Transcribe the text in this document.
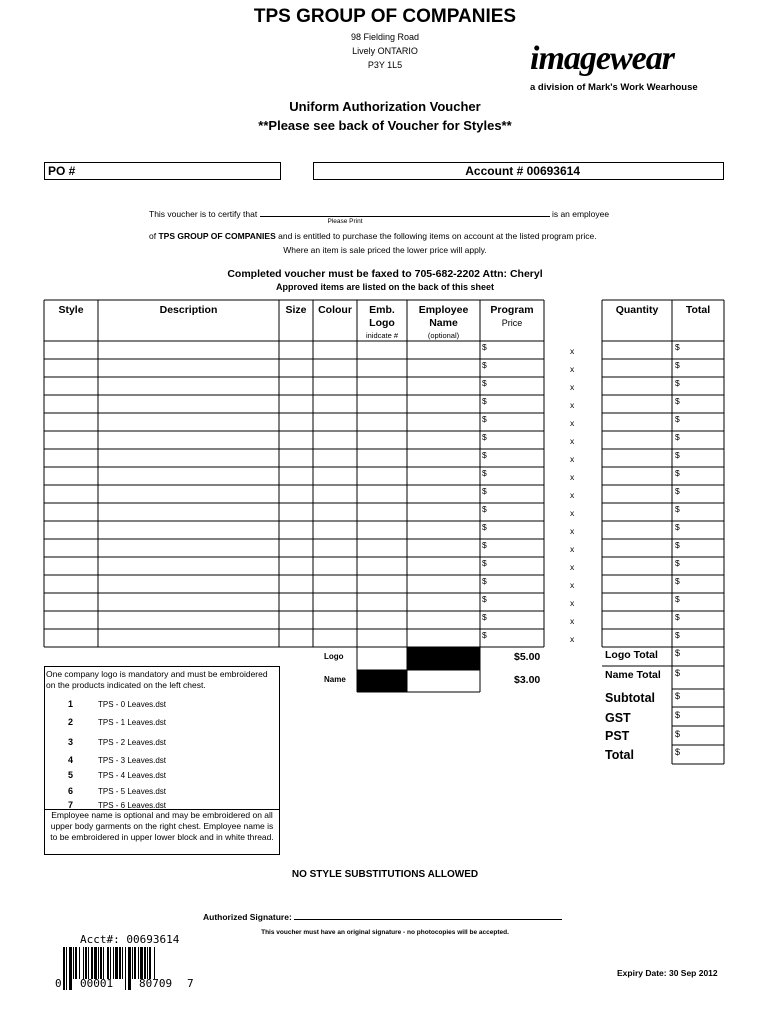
TPS GROUP OF COMPANIES
98 Fielding Road
Lively ONTARIO
P3Y 1L5	imagewear
a division of Mark's Work Wearhouse
Uniform Authorization Voucher
**Please see back of Voucher for Styles**
PO #	Account # 00693614
This voucher is to certify that	is an employee
Please Print
of TPS GROUP OF COMPANIES and is entitled to purchase the following items on account at the listed program price.
Where an item is sale priced the lower price will apply.
Completed voucher must be faxed to 705-682-2202 Attn: Cheryl
Approved items are listed on the back of this sheet
Style	Description	Size	Colour	Emb.
Logo
inidcate #
Employee
Name
(optional)
Program
Price
Quantity	Total
$	x	$
$	x	$
$	x	$
$	x	$
$	x	$
$	x	$
$	x	$
$	x	$
$	x	$
$	x	$
$	x	$
$	x	$
$	x	$
$	x	$
$	x	$
$	x	$
$	x	$
Logo	$5.00	Logo Total $
Name	$3.00	Name Total $
Subtotal $
GST	$
PST	$
Total	$
One company logo is mandatory and must be embroidered on the products indicated on the left chest.
1	TPS - 0 Leaves.dst
2	TPS - 1 Leaves.dst
3	TPS - 2 Leaves.dst
4	TPS - 3 Leaves.dst
5	TPS - 4 Leaves.dst
6	TPS - 5 Leaves.dst
7	TPS - 6 Leaves.dst
Employee name is optional and may be embroidered on all upper body garments on the right chest. Employee name is to be embroidered in upper lower block and in white thread.
NO STYLE SUBSTITUTIONS ALLOWED
Authorized Signature:
This voucher must have an original signature - no photocopies will be accepted.
Acct#: 00693614
0 00001 80709 7
Expiry Date: 30 Sep 2012
